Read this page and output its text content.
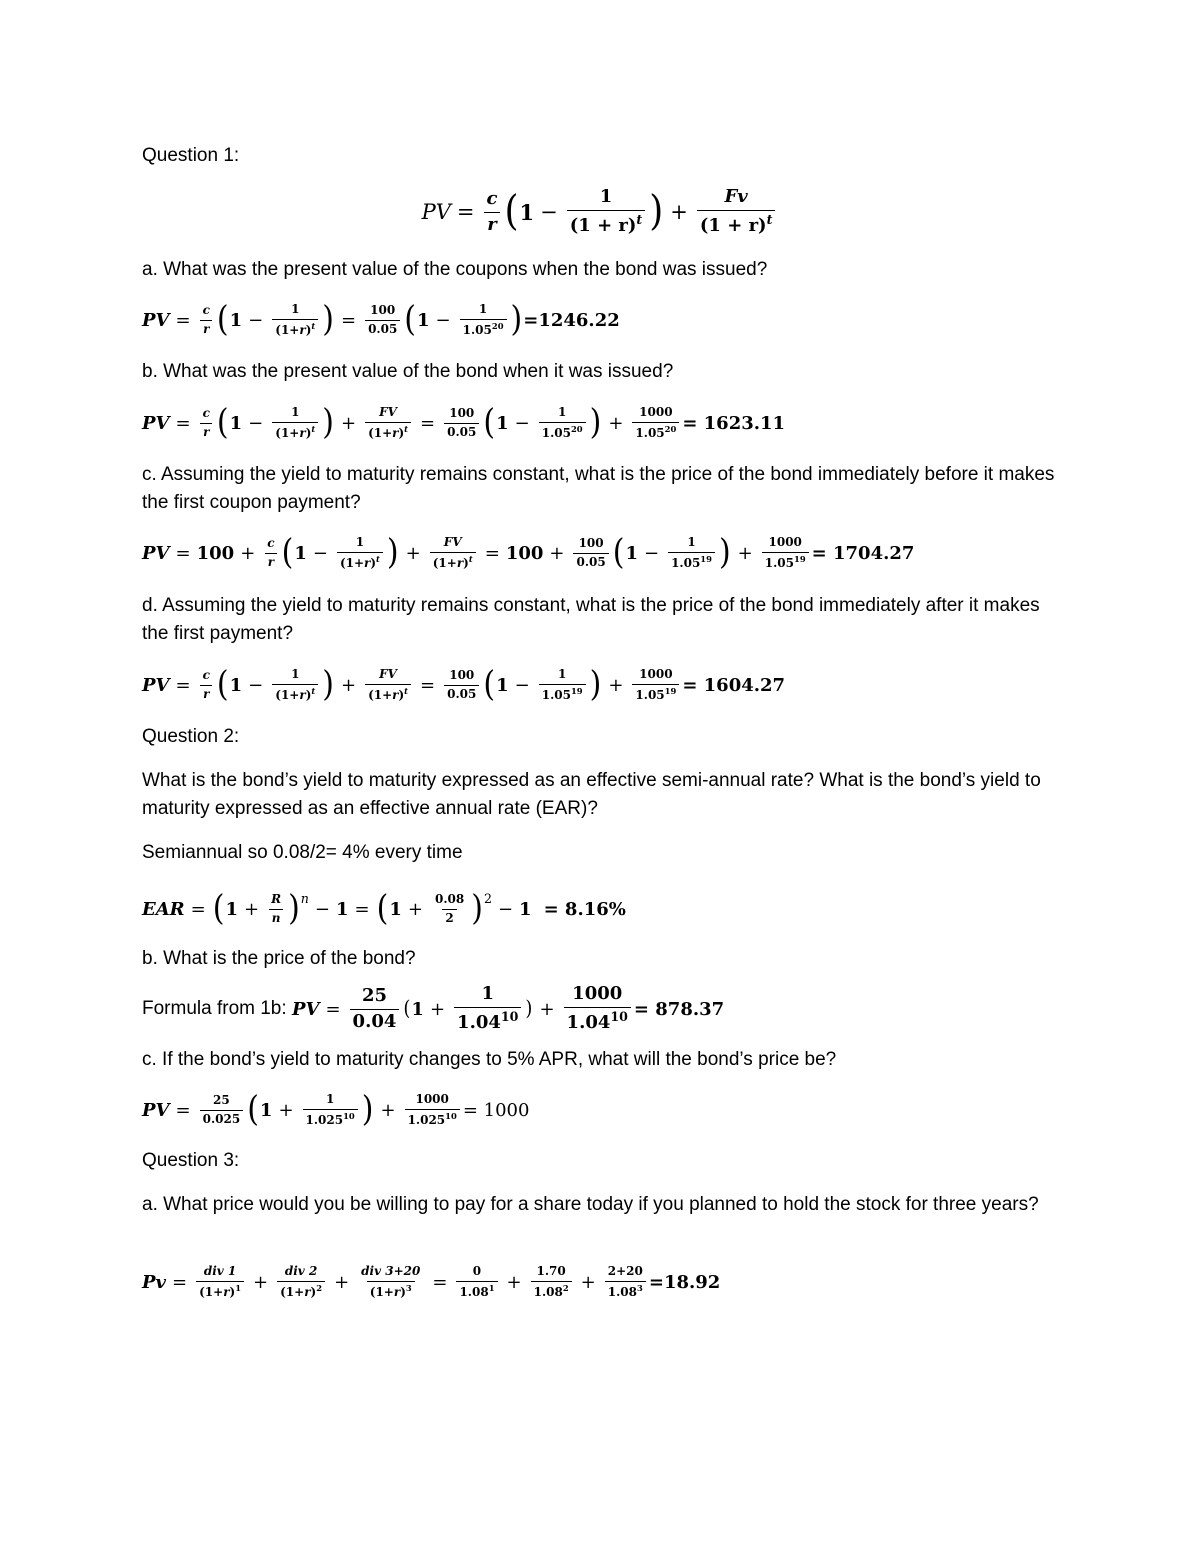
Question 1:
PV = $\frac{c}{r}$ ( $1 - \frac{1}{(1 + r)^t}$ ) + $\frac{Fv}{(1 + r)^t}$
a. What was the present value of the coupons when the bond was issued?
PV = $\frac{c}{r}$ ( $1 - \frac{1}{(1+r)^t}$ ) = $\frac{100}{0.05}$ ( $1 - \frac{1}{1.05^{20}}$ ) =1246.22
b. What was the present value of the bond when it was issued?
PV = $\frac{c}{r}$ ( $1 - \frac{1}{(1+r)^t}$ ) + $\frac{FV}{(1+r)^t} = \frac{100}{0.05}$ ( $1 - \frac{1}{1.05^{20}}$ ) + $\frac{1000}{1.05^{20}} = 1623.11$
c. Assuming the yield to maturity remains constant, what is the price of the bond immediately before it makes the first coupon payment?
PV = $100 + \frac{c}{r}$ ( $1 - \frac{1}{(1+r)^t}$ ) + $\frac{FV}{(1+r)^t} = 100 + \frac{100}{0.05}$ ( $1 - \frac{1}{1.05^{19}}$ ) + $\frac{1000}{1.05^{19}} = 1704.27$
d. Assuming the yield to maturity remains constant, what is the price of the bond immediately after it makes the first payment?
PV = $\frac{c}{r}$ ( $1 - \frac{1}{(1+r)^t}$ ) + $\frac{FV}{(1+r)^t} = \frac{100}{0.05}$ ( $1 - \frac{1}{1.05^{19}}$ ) + $\frac{1000}{1.05^{19}} = 1604.27$
Question 2:
What is the bond’s yield to maturity expressed as an effective semi-annual rate? What is the bond’s yield to maturity expressed as an effective annual rate (EAR)?
Semiannual so 0.08/2= 4% every time
EAR = ( $1 + \frac{R}{n} )^n$
− 1 = ( $1 + \frac{0.08}{2} )^2$
− 1 = 8.16%
b. What is the price of the bond?
Formula from 1b:
PV = $\frac{25}{0.04}$ ( $1 + \frac{1}{1.04^{10}}$ ) + $\frac{1000}{1.04^{10}} = 878.37$
c. If the bond’s yield to maturity changes to 5% APR, what will the bond’s price be?
PV = $\frac{25}{0.025}$ ( $1 + \frac{1}{1.025^{10}}$ ) + $\frac{1000}{1.025^{10}} = 1000$
Question 3:
a. What price would you be willing to pay for a share today if you planned to hold the stock for three years?
$Pv = \frac{\text{div 1}}{(1+r)^1} + \frac{\text{div 2}}{(1+r)^2} + \frac{\text{div 3+20}}{(1+r)^3} = \frac{0}{1.08^1} + \frac{1.70}{1.08^2} + \frac{2+20}{1.08^3} =18.92$
